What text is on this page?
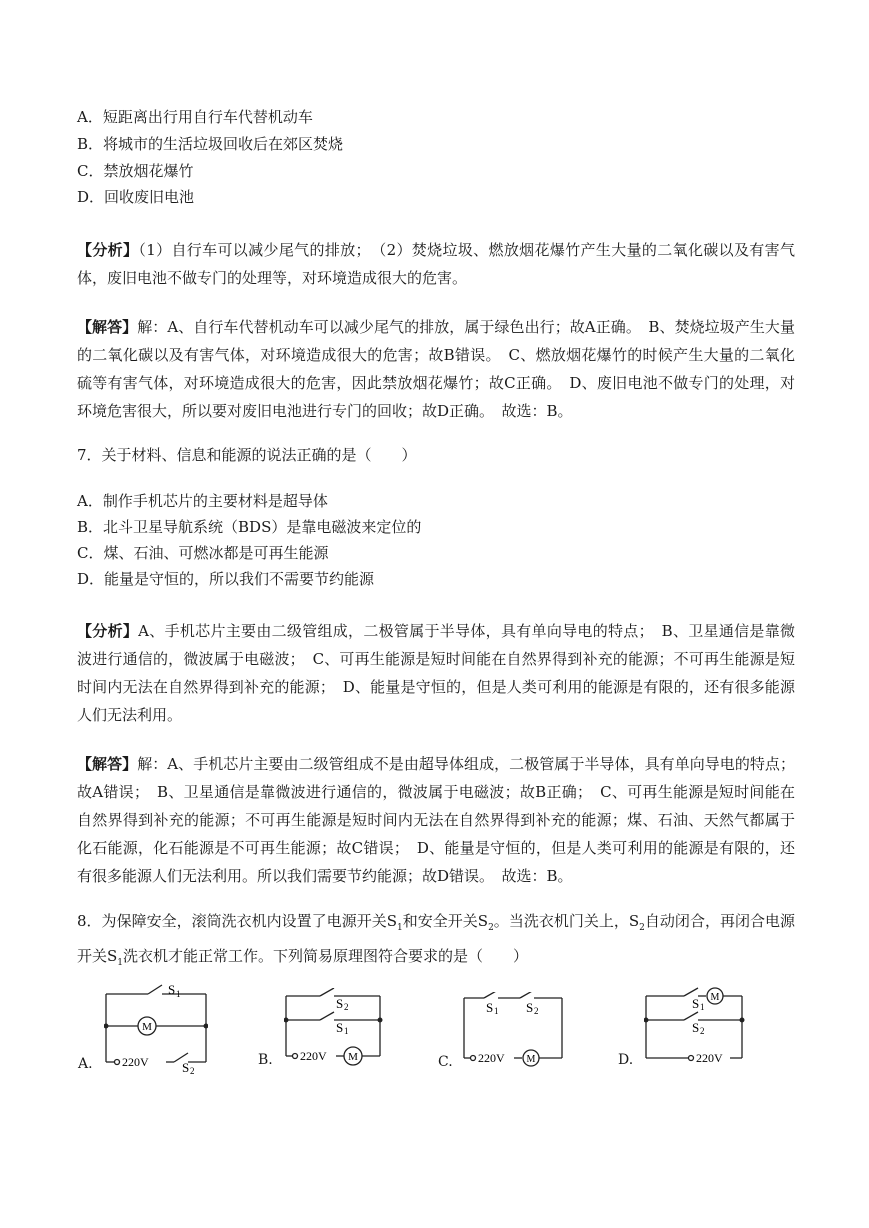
A．短距离出行用自行车代替机动车
B．将城市的生活垃圾回收后在郊区焚烧
C．禁放烟花爆竹
D．回收废旧电池
【分析】（1）自行车可以减少尾气的排放；　（2）焚烧垃圾、燃放烟花爆竹产生大量的二氧化碳以及有害气体，废旧电池不做专门的处理等，对环境造成很大的危害。
【解答】解：A、自行车代替机动车可以减少尾气的排放，属于绿色出行；故A正确。　B、焚烧垃圾产生大量的二氧化碳以及有害气体，对环境造成很大的危害；故B错误。　C、燃放烟花爆竹的时候产生大量的二氧化硫等有害气体，对环境造成很大的危害，因此禁放烟花爆竹；故C正确。　D、废旧电池不做专门的处理，对环境危害很大，所以要对废旧电池进行专门的回收；故D正确。　故选：B。
7．关于材料、信息和能源的说法正确的是（　　）
A．制作手机芯片的主要材料是超导体
B．北斗卫星导航系统（BDS）是靠电磁波来定位的
C．煤、石油、可燃冰都是可再生能源
D．能量是守恒的，所以我们不需要节约能源
【分析】A、手机芯片主要由二级管组成，二极管属于半导体，具有单向导电的特点；　B、卫星通信是靠微波进行通信的，微波属于电磁波；　C、可再生能源是短时间能在自然界得到补充的能源；不可再生能源是短时间内无法在自然界得到补充的能源；　D、能量是守恒的，但是人类可利用的能源是有限的，还有很多能源人们无法利用。
【解答】解：A、手机芯片主要由二级管组成不是由超导体组成，二极管属于半导体，具有单向导电的特点；故A错误；　B、卫星通信是靠微波进行通信的，微波属于电磁波；故B正确；　C、可再生能源是短时间能在自然界得到补充的能源；不可再生能源是短时间内无法在自然界得到补充的能源；煤、石油、天然气都属于化石能源，化石能源是不可再生能源；故C错误；　D、能量是守恒的，但是人类可利用的能源是有限的，还有很多能源人们无法利用。所以我们需要节约能源；故D错误。　故选：B。
8．为保障安全，滚筒洗衣机内设置了电源开关$S_1$和安全开关$S_2$。当洗衣机门关上，$S_2$自动闭合，再闭合电源开关$S_1$洗衣机才能正常工作。下列简易原理图符合要求的是（　　）
A.	B.	C.	D.
M
S 1
220V	S 2
S 2
S 1
220V M
S 1 S 2
220V M
M
S 1
S 2
220V
